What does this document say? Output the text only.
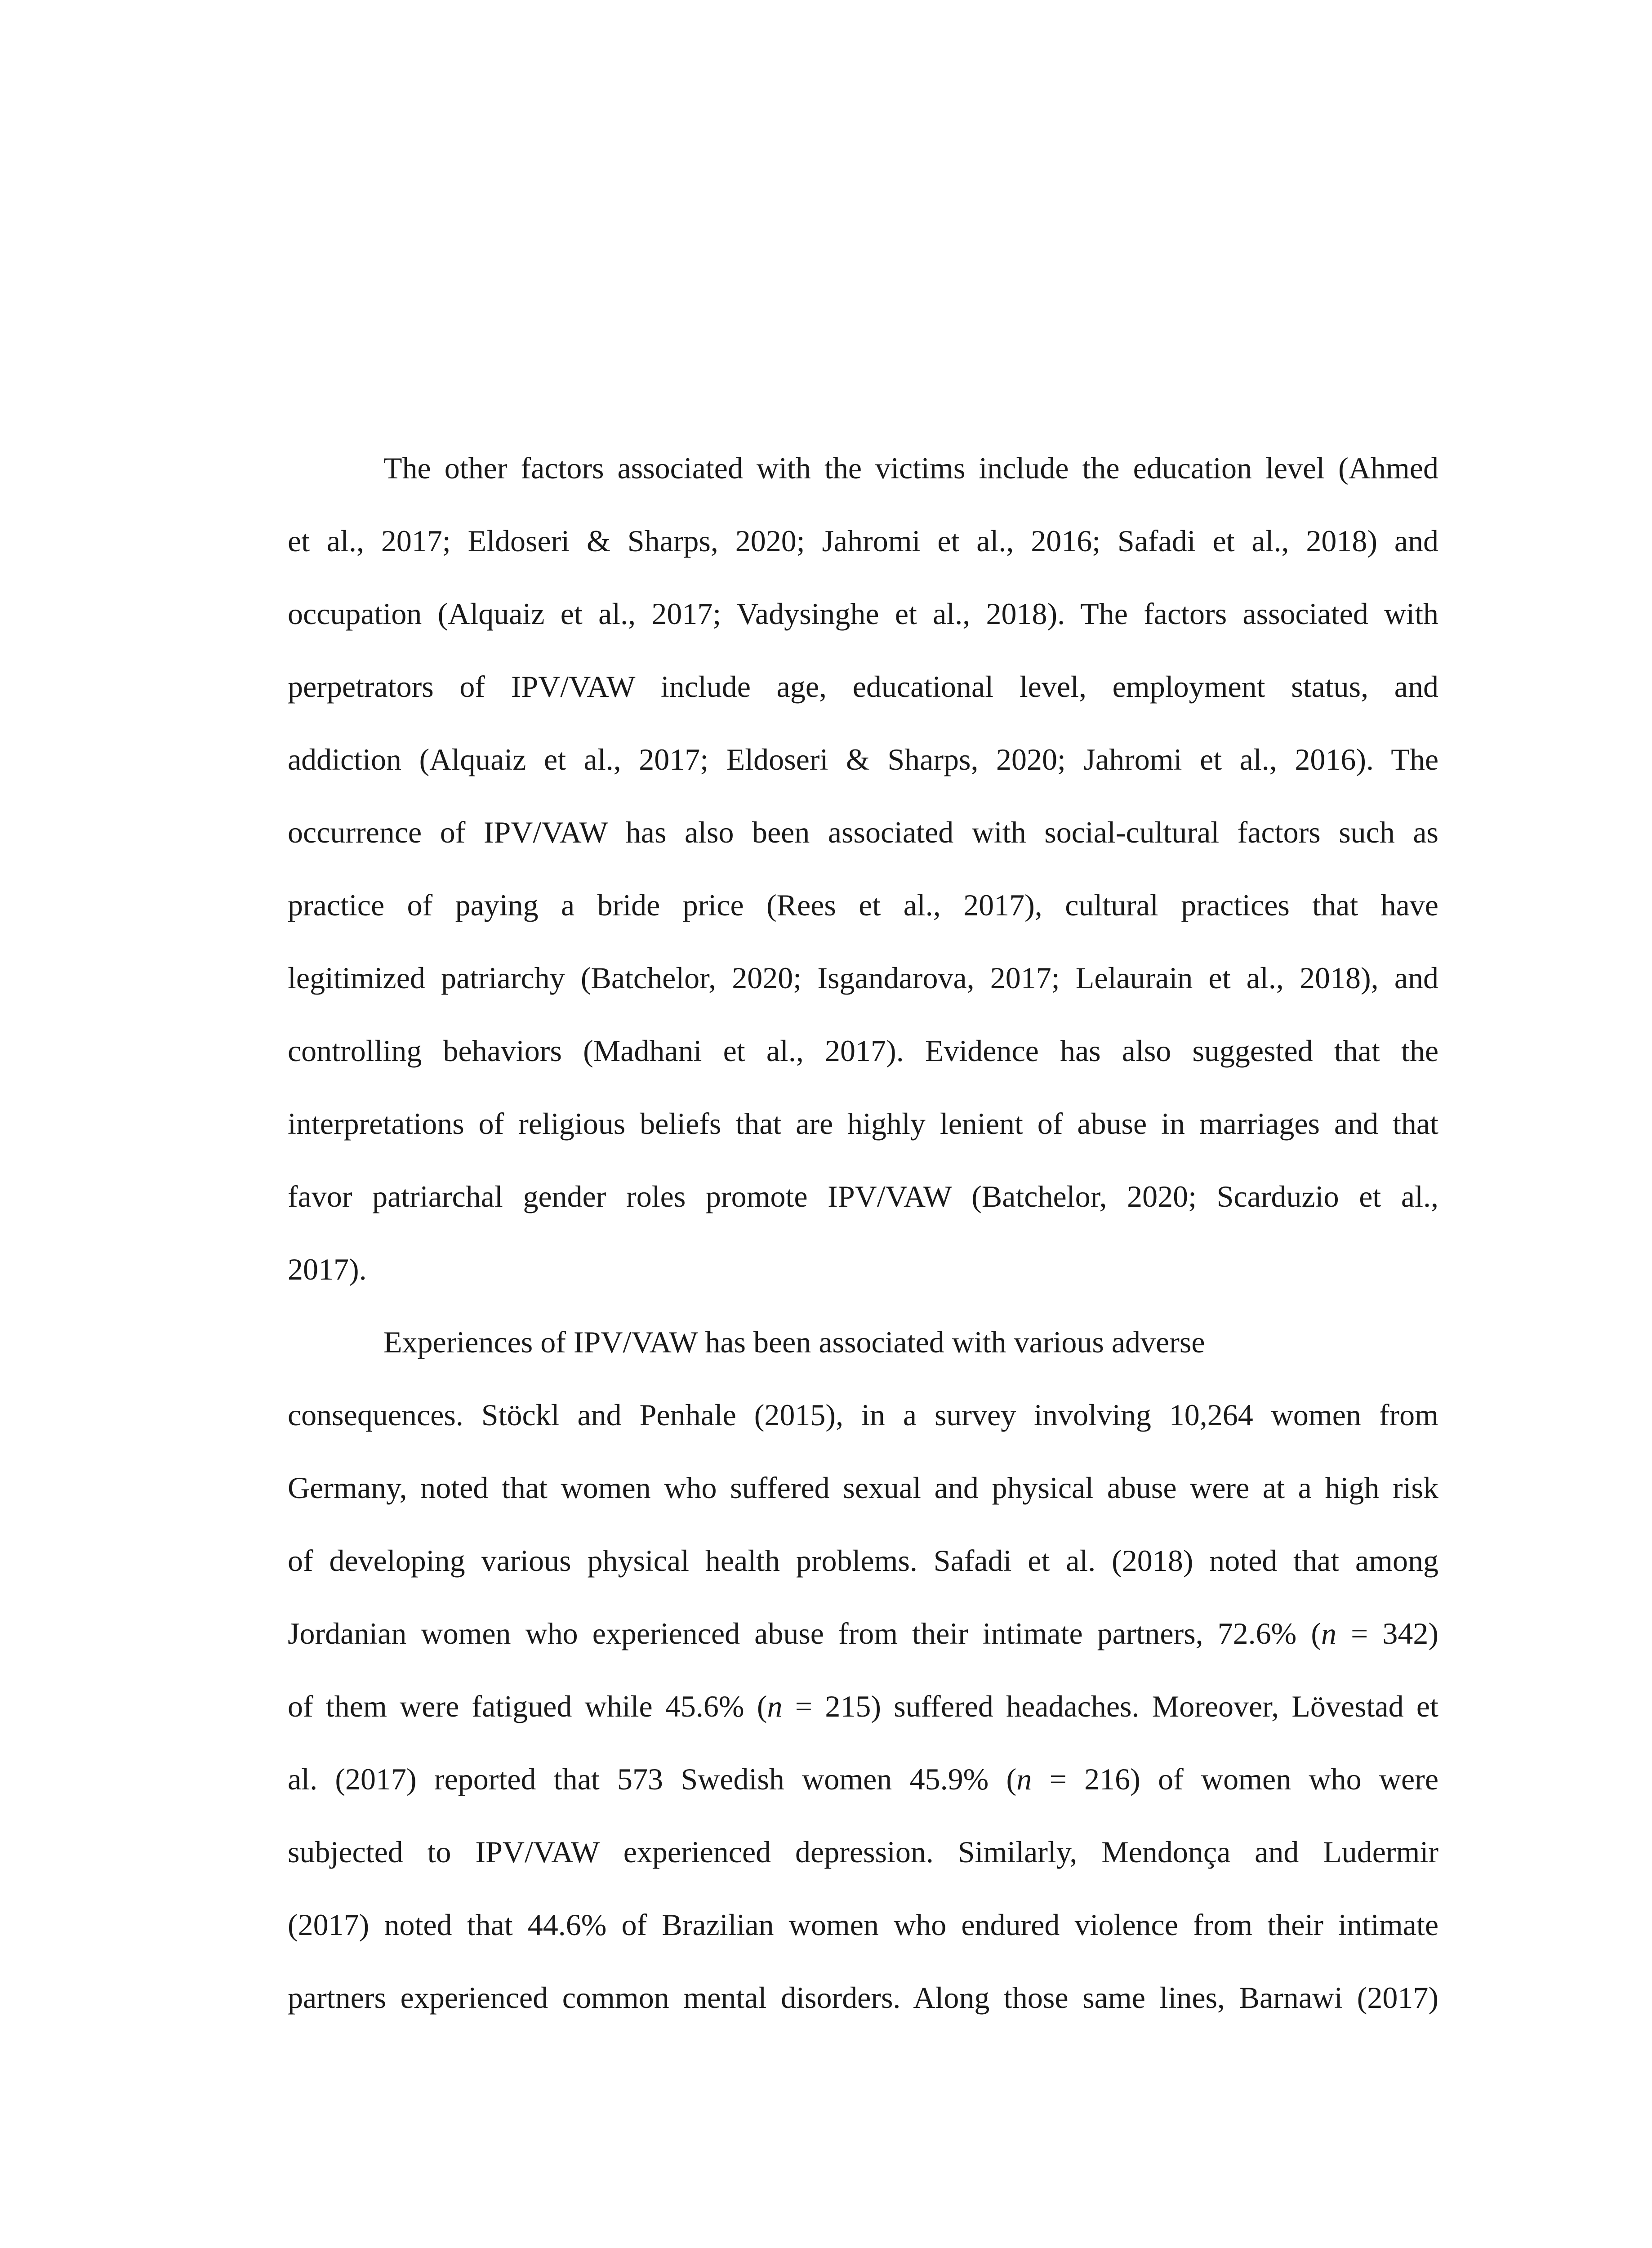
The other factors associated with the victims include the education level (Ahmed

et al., 2017; Eldoseri & Sharps, 2020; Jahromi et al., 2016; Safadi et al., 2018) and

occupation (Alquaiz et al., 2017; Vadysinghe et al., 2018). The factors associated with

perpetrators of IPV/VAW include age, educational level, employment status, and

addiction (Alquaiz et al., 2017; Eldoseri & Sharps, 2020; Jahromi et al., 2016). The

occurrence of IPV/VAW has also been associated with social-cultural factors such as

practice of paying a bride price (Rees et al., 2017), cultural practices that have

legitimized patriarchy (Batchelor, 2020; Isgandarova, 2017; Lelaurain et al., 2018), and

controlling behaviors (Madhani et al., 2017). Evidence has also suggested that the

interpretations of religious beliefs that are highly lenient of abuse in marriages and that

favor patriarchal gender roles promote IPV/VAW (Batchelor, 2020; Scarduzio et al.,

2017).

Experiences of IPV/VAW has been associated with various adverse

consequences. Stöckl and Penhale (2015), in a survey involving 10,264 women from

Germany, noted that women who suffered sexual and physical abuse were at a high risk

of developing various physical health problems. Safadi et al. (2018) noted that among

Jordanian women who experienced abuse from their intimate partners, 72.6% (n = 342)

of them were fatigued while 45.6% (n = 215) suffered headaches. Moreover, Lövestad et

al. (2017) reported that 573 Swedish women 45.9% (n = 216) of women who were

subjected to IPV/VAW experienced depression. Similarly, Mendonça and Ludermir

(2017) noted that 44.6% of Brazilian women who endured violence from their intimate

partners experienced common mental disorders. Along those same lines, Barnawi (2017)
